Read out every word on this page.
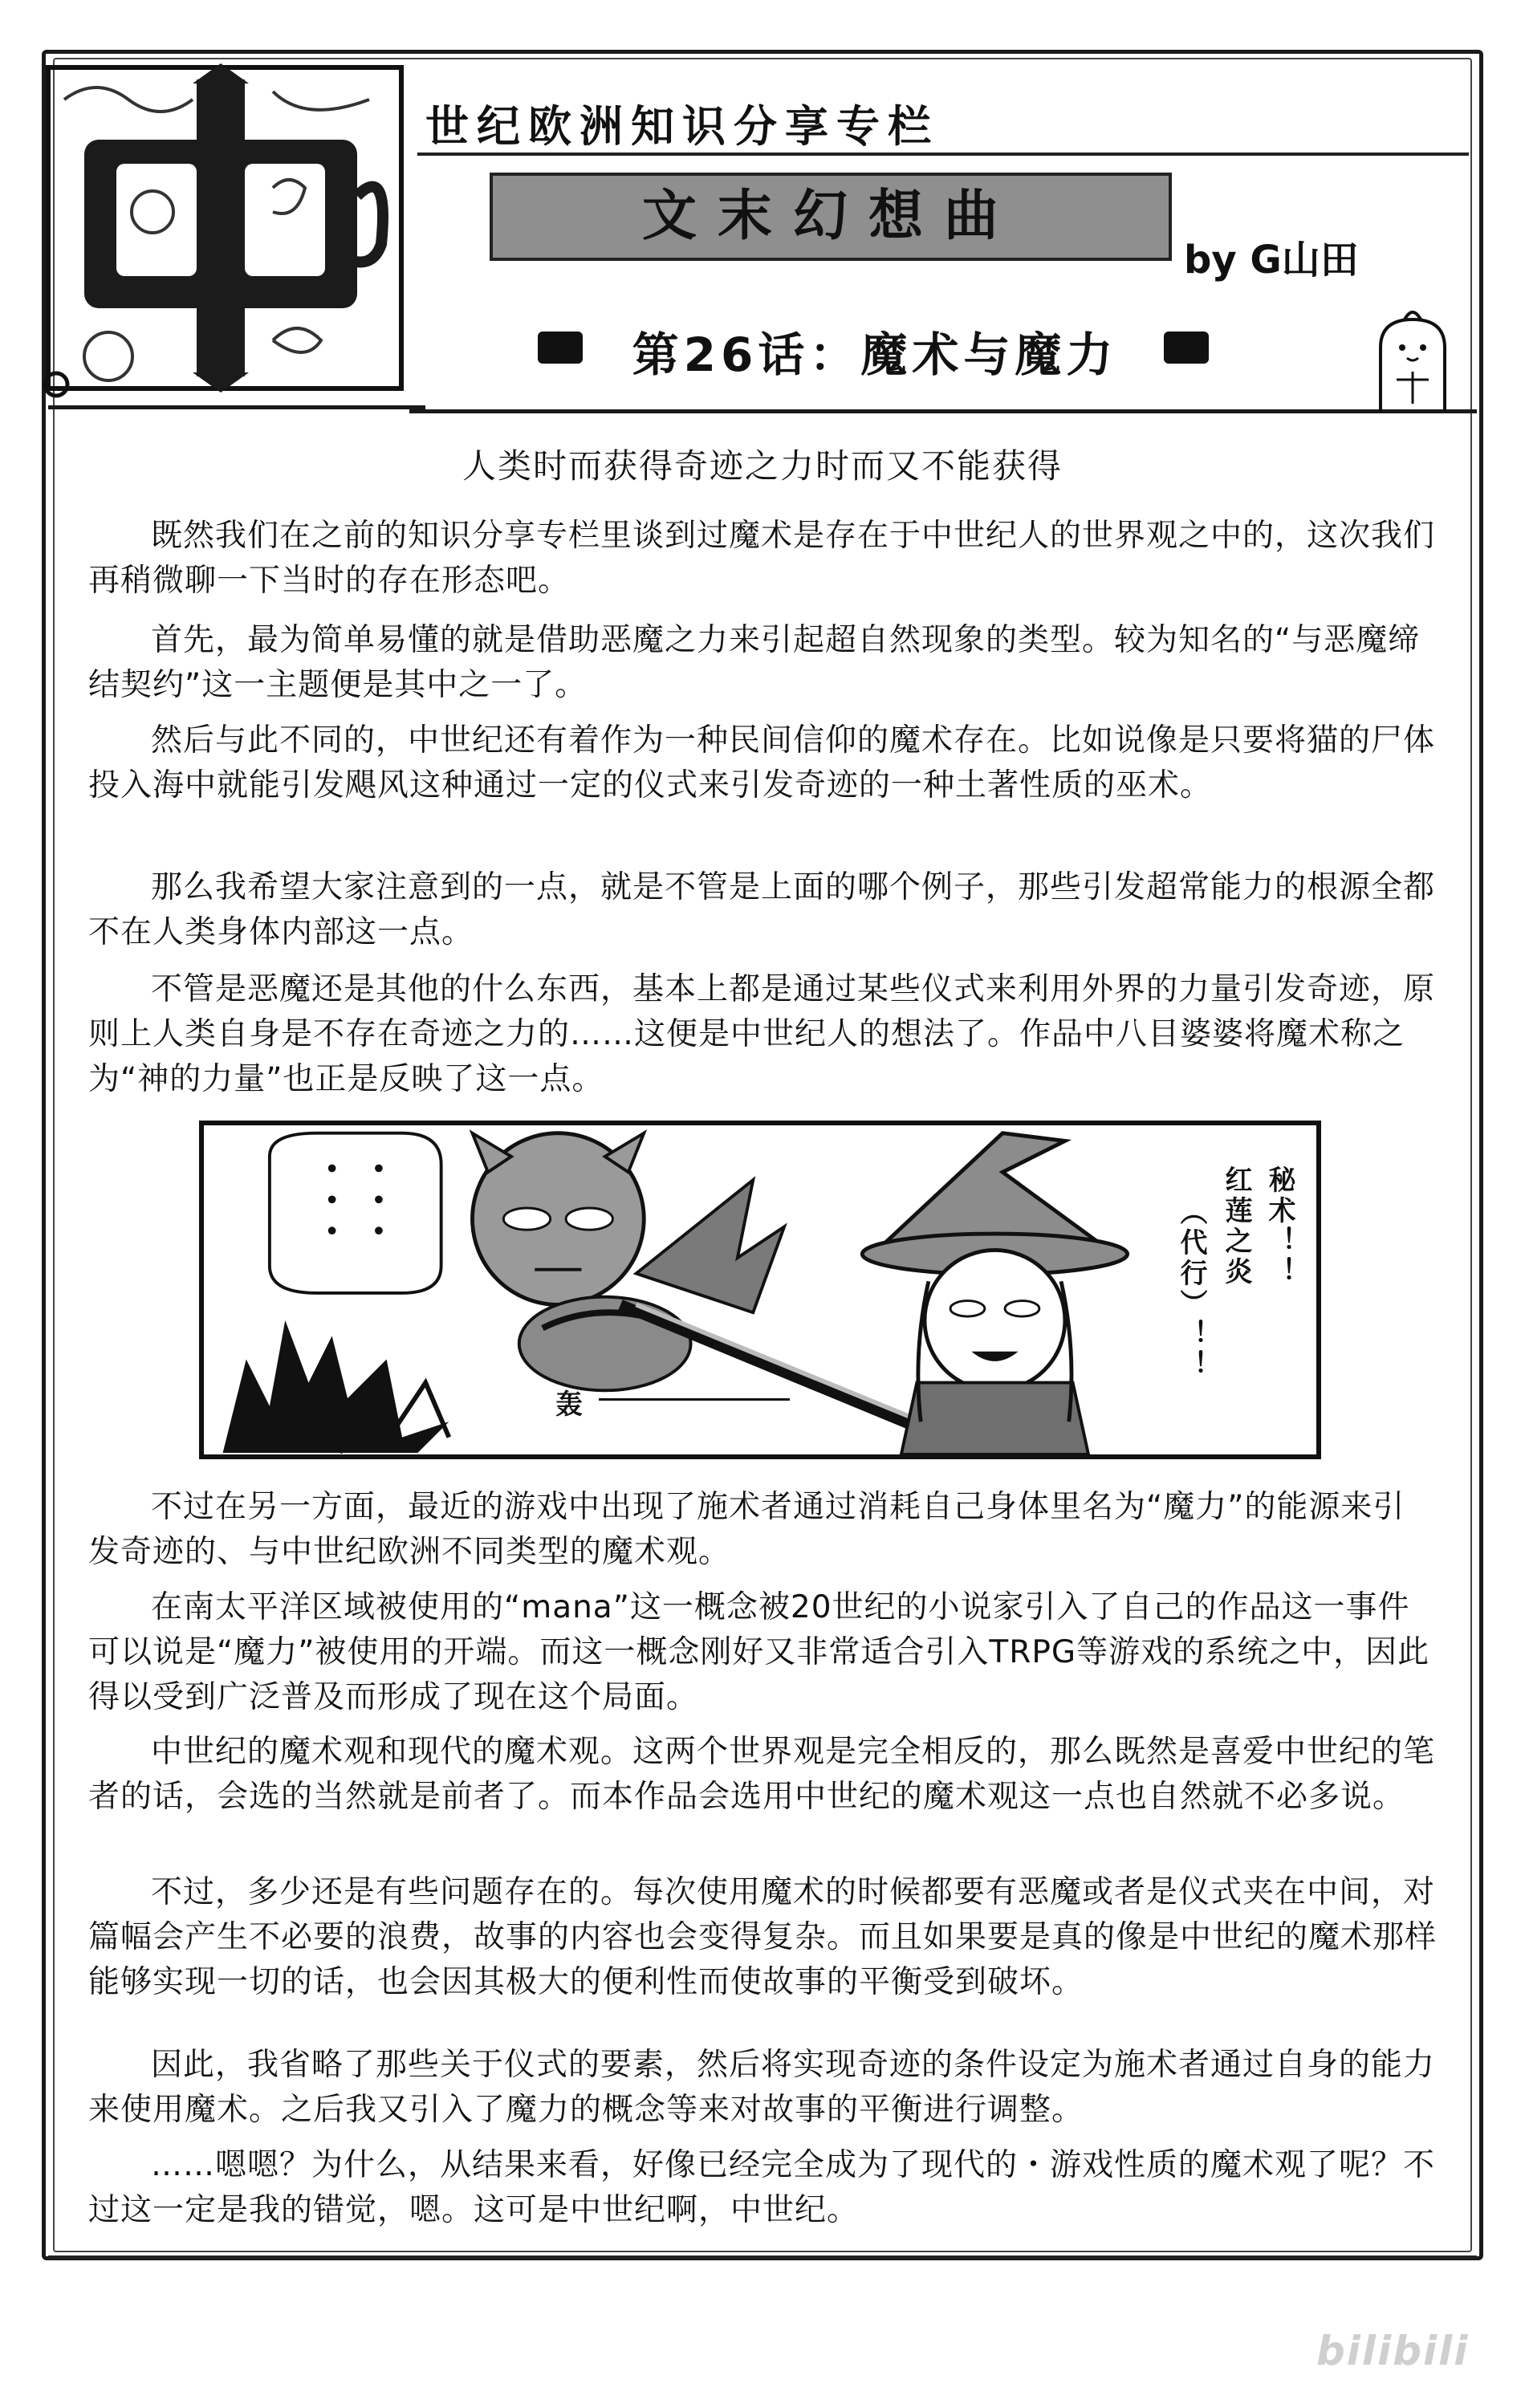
世纪欧洲知识分享专栏
文末幻想曲
by G山田
第26话：魔术与魔力
人类时而获得奇迹之力时而又不能获得

既然我们在之前的知识分享专栏里谈到过魔术是存在于中世纪人的世界观之中的，这次我们再稍微聊一下当时的存在形态吧。

首先，最为简单易懂的就是借助恶魔之力来引起超自然现象的类型。较为知名的“与恶魔缔结契约”这一主题便是其中之一了。

然后与此不同的，中世纪还有着作为一种民间信仰的魔术存在。比如说像是只要将猫的尸体投入海中就能引发飓风这种通过一定的仪式来引发奇迹的一种土著性质的巫术。

那么我希望大家注意到的一点，就是不管是上面的哪个例子，那些引发超常能力的根源全都不在人类身体内部这一点。

不管是恶魔还是其他的什么东西，基本上都是通过某些仪式来利用外界的力量引发奇迹，原则上人类自身是不存在奇迹之力的……这便是中世纪人的想法了。作品中八目婆婆将魔术称之为“神的力量”也正是反映了这一点。

轰
秘术！！
红莲之炎
（代行）！！

不过在另一方面，最近的游戏中出现了施术者通过消耗自己身体里名为“魔力”的能源来引发奇迹的、与中世纪欧洲不同类型的魔术观。

在南太平洋区域被使用的“mana”这一概念被20世纪的小说家引入了自己的作品这一事件可以说是“魔力”被使用的开端。而这一概念刚好又非常适合引入TRPG等游戏的系统之中，因此得以受到广泛普及而形成了现在这个局面。

中世纪的魔术观和现代的魔术观。这两个世界观是完全相反的，那么既然是喜爱中世纪的笔者的话，会选的当然就是前者了。而本作品会选用中世纪的魔术观这一点也自然就不必多说。

不过，多少还是有些问题存在的。每次使用魔术的时候都要有恶魔或者是仪式夹在中间，对篇幅会产生不必要的浪费，故事的内容也会变得复杂。而且如果要是真的像是中世纪的魔术那样能够实现一切的话，也会因其极大的便利性而使故事的平衡受到破坏。

因此，我省略了那些关于仪式的要素，然后将实现奇迹的条件设定为施术者通过自身的能力来使用魔术。之后我又引入了魔力的概念等来对故事的平衡进行调整。

……嗯嗯？为什么，从结果来看，好像已经完全成为了现代的・游戏性质的魔术观了呢？不过这一定是我的错觉，嗯。这可是中世纪啊，中世纪。

bilibili
